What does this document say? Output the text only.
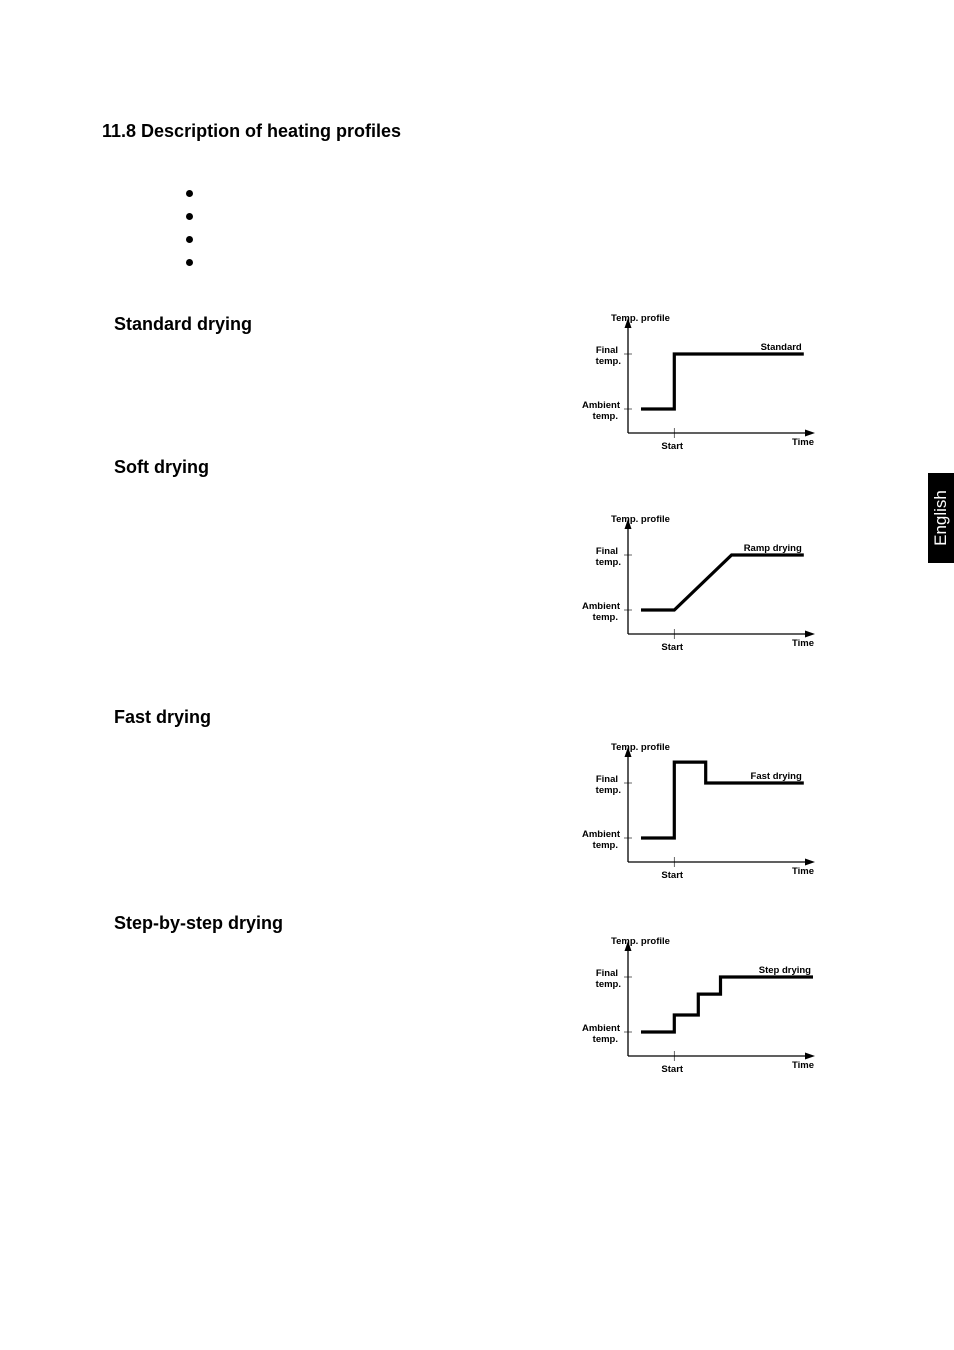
11.8 Description of heating profiles
Standard drying
Soft drying
Fast drying
Step-by-step drying
Temp. profile
Time
Start
Final
temp.
Ambient
temp.
Standard
Temp. profile
Time
Start
Final
temp.
Ambient
temp.
Ramp drying
Temp. profile
Time
Start
Final
temp.
Ambient
temp.
Fast drying
Temp. profile
Time
Start
Final
temp.
Ambient
temp.
Step drying
English
